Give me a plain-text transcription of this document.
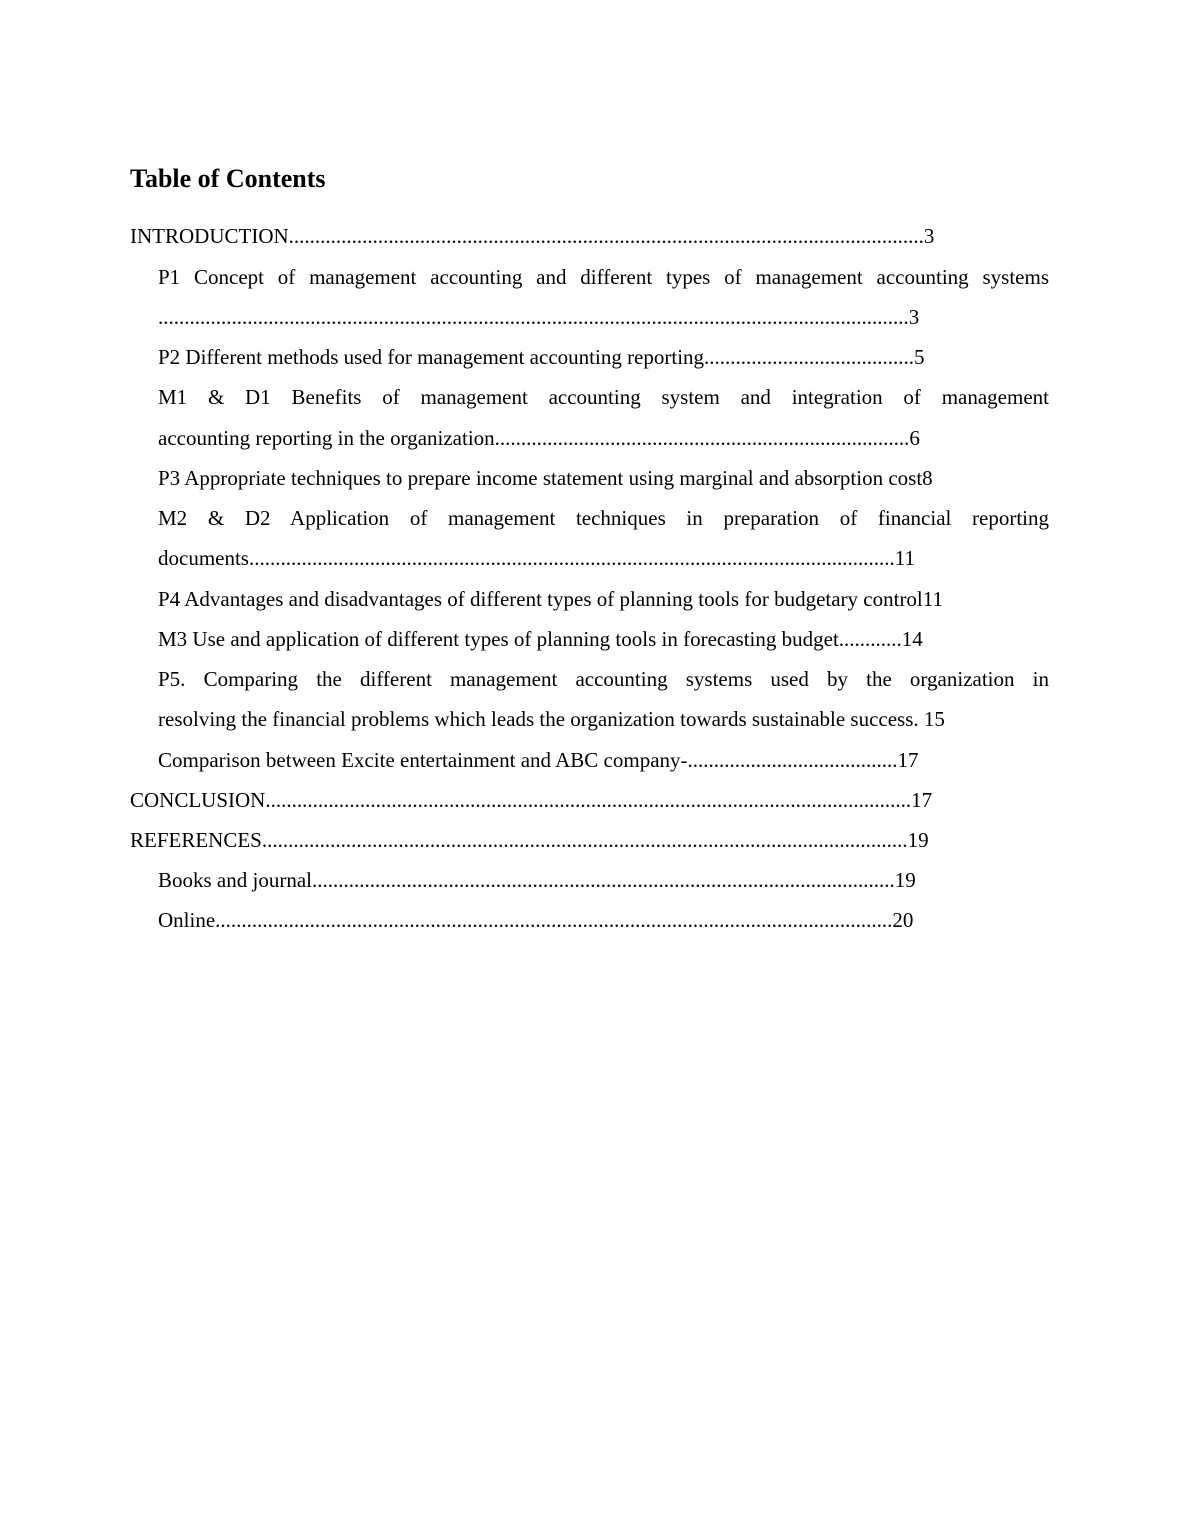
Table of Contents
INTRODUCTION.........................................................................................................................3
P1 Concept of management accounting and different types of management accounting systems
...............................................................................................................................................3
P2 Different methods used for management accounting reporting........................................5
M1 & D1 Benefits of management accounting system and integration of management
accounting reporting in the organization...............................................................................6
P3 Appropriate techniques to prepare income statement using marginal and absorption cost8
M2 & D2 Application of management techniques in preparation of financial reporting
documents...........................................................................................................................11
P4 Advantages and disadvantages of different types of planning tools for budgetary control11
M3 Use and application of different types of planning tools in forecasting budget............14
P5. Comparing the different management accounting systems used by the organization in
resolving the financial problems which leads the organization towards sustainable success. 15
Comparison between Excite entertainment and ABC company-........................................17
CONCLUSION...........................................................................................................................17
REFERENCES...........................................................................................................................19
Books and journal...............................................................................................................19
Online.................................................................................................................................20
